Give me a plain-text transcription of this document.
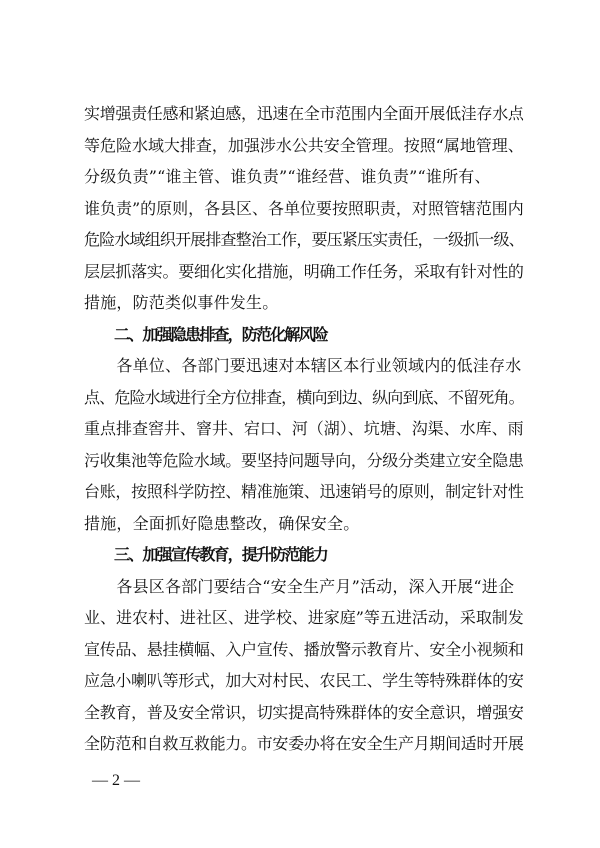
实增强责任感和紧迫感，迅速在全市范围内全面开展低洼存水点
等危险水域大排查，加强涉水公共安全管理。按照“属地管理、
分级负责”“谁主管、谁负责”“谁经营、谁负责”“谁所有、
谁负责”的原则，各县区、各单位要按照职责，对照管辖范围内
危险水域组织开展排查整治工作，要压紧压实责任，一级抓一级、
层层抓落实。要细化实化措施，明确工作任务，采取有针对性的
措施，防范类似事件发生。
二、加强隐患排查，防范化解风险
　　各单位、各部门要迅速对本辖区本行业领域内的低洼存水
点、危险水域进行全方位排查，横向到边、纵向到底、不留死角。
重点排查窖井、窨井、宕口、河（湖）、坑塘、沟渠、水库、雨
污收集池等危险水域。要坚持问题导向，分级分类建立安全隐患
台账，按照科学防控、精准施策、迅速销号的原则，制定针对性
措施，全面抓好隐患整改，确保安全。
三、加强宣传教育，提升防范能力
　　各县区各部门要结合“安全生产月”活动，深入开展“进企
业、进农村、进社区、进学校、进家庭”等五进活动，采取制发
宣传品、悬挂横幅、入户宣传、播放警示教育片、安全小视频和
应急小喇叭等形式，加大对村民、农民工、学生等特殊群体的安
全教育，普及安全常识，切实提高特殊群体的安全意识，增强安
全防范和自救互救能力。市安委办将在安全生产月期间适时开展
— 2 —
